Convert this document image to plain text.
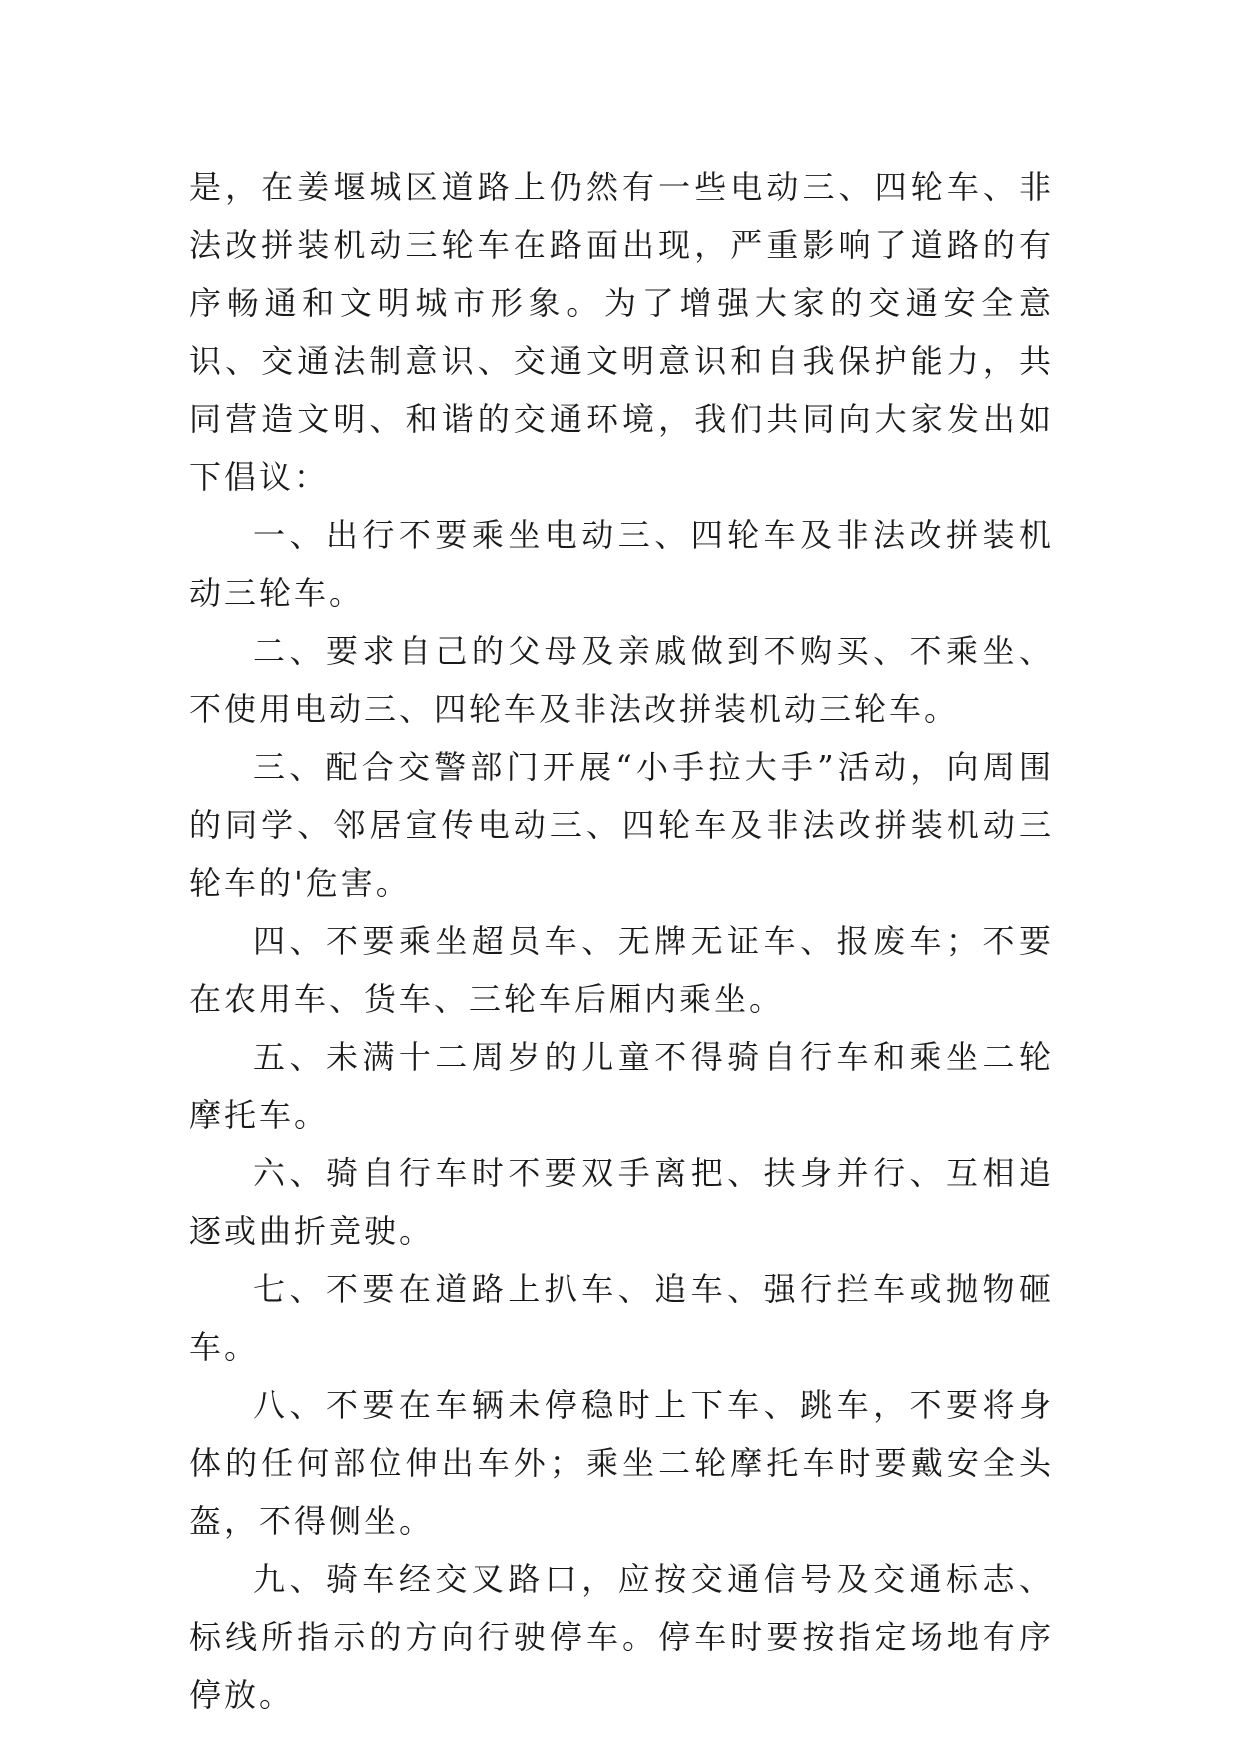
是，在姜堰城区道路上仍然有一些电动三、四轮车、非法改拼装机动三轮车在路面出现，严重影响了道路的有序畅通和文明城市形象。为了增强大家的交通安全意识、交通法制意识、交通文明意识和自我保护能力，共同营造文明、和谐的交通环境，我们共同向大家发出如下倡议：

一、出行不要乘坐电动三、四轮车及非法改拼装机动三轮车。

二、要求自己的父母及亲戚做到不购买、不乘坐、不使用电动三、四轮车及非法改拼装机动三轮车。

三、配合交警部门开展“小手拉大手”活动，向周围的同学、邻居宣传电动三、四轮车及非法改拼装机动三轮车的'危害。

四、不要乘坐超员车、无牌无证车、报废车；不要在农用车、货车、三轮车后厢内乘坐。

五、未满十二周岁的儿童不得骑自行车和乘坐二轮摩托车。

六、骑自行车时不要双手离把、扶身并行、互相追逐或曲折竞驶。

七、不要在道路上扒车、追车、强行拦车或抛物砸车。

八、不要在车辆未停稳时上下车、跳车，不要将身体的任何部位伸出车外；乘坐二轮摩托车时要戴安全头盔，不得侧坐。

九、骑车经交叉路口，应按交通信号及交通标志、标线所指示的方向行驶停车。停车时要按指定场地有序停放。
